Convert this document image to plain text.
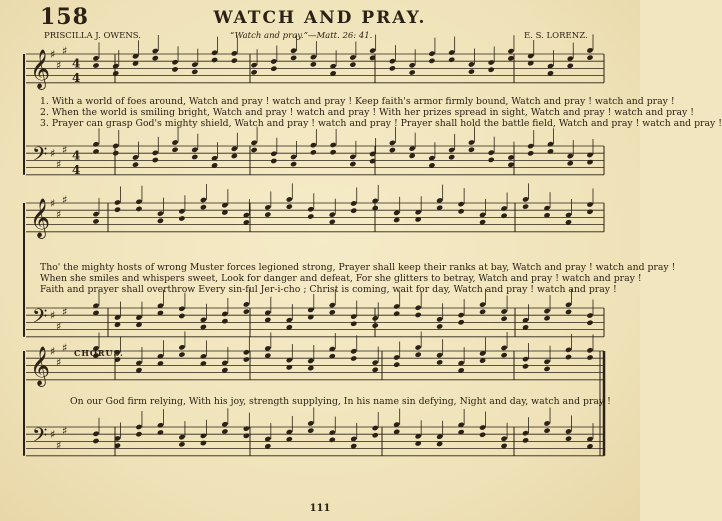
𝄞
𝄢
♯
♯
♯
♯
♯
♯
4
4
4
4
𝄞
𝄢
♯
♯
♯
♯
♯
♯
𝄞
𝄢
♯
♯
♯
♯
♯
♯
158	WATCH AND PRAY.
PRISCILLA J. OWENS.	“Watch and pray.”—Matt. 26: 41.	E. S. LORENZ.
1. With a world of foes around, Watch and pray ! watch and pray ! Keep faith's armor firmly bound, Watch and pray ! watch and pray !
2. When the world is smiling bright, Watch and pray ! watch and pray ! With her prizes spread in sight, Watch and pray ! watch and pray !
3. Prayer can grasp God's mighty shield, Watch and pray ! watch and pray ! Prayer shall hold the battle field, Watch and pray ! watch and pray !
Tho' the mighty hosts of wrong Muster forces legioned strong, Prayer shall keep their ranks at bay, Watch and pray ! watch and pray !
When she smiles and whispers sweet, Look for danger and defeat, For she glitters to betray, Watch and pray ! watch and pray !
Faith and prayer shall overthrow Every sin-ful Jer-i-cho ; Christ is coming, wait for day, Watch and pray ! watch and pray !
CHORUS.
On our God firm relying, With his joy, strength supplying, In his name sin defying, Night and day, watch and pray !
111
